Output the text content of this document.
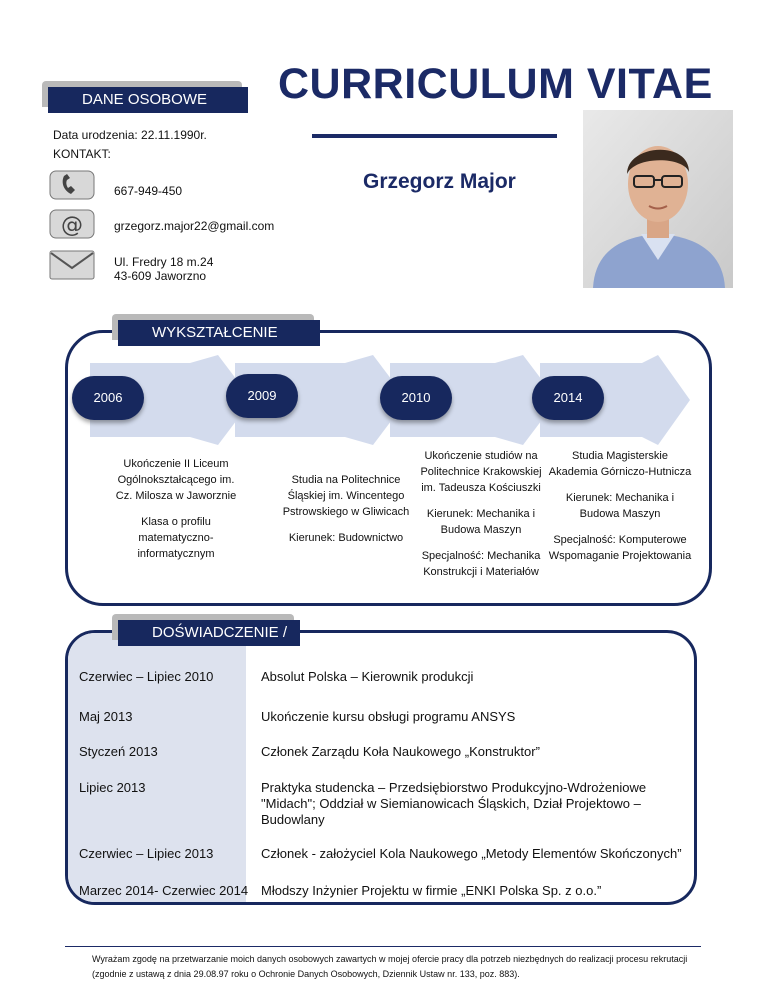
DANE OSOBOWE	CURRICULUM VITAE
Grzegorz Major
Data urodzenia: 22.11.1990r.
KONTAKT:
667-949-450
@	grzegorz.major22@gmail.com
Ul. Fredry 18 m.24
43-609 Jaworzno
WYKSZTAŁCENIE
2006	2009	2010	2014
Ukończenie II Liceum Ogólnokształcącego im. Cz. Milosza w Jaworznie
Klasa o profilu matematyczno-informatycznym
Studia na Politechnice Śląskiej im. Wincentego Pstrowskiego w Gliwicach
Kierunek: Budownictwo
Ukończenie studiów na Politechnice Krakowskiej im. Tadeusza Kościuszki
Kierunek: Mechanika i Budowa Maszyn
Specjalność: Mechanika Konstrukcji i Materiałów
Studia Magisterskie Akademia Górniczo-Hutnicza
Kierunek: Mechanika i Budowa Maszyn
Specjalność: Komputerowe Wspomaganie Projektowania
Czerwiec – Lipiec 2010	Absolut Polska – Kierownik produkcji
Maj 2013	Ukończenie kursu obsługi programu ANSYS
Styczeń 2013	Członek Zarządu Koła Naukowego „Konstruktor”
Lipiec 2013	Praktyka studencka – Przedsiębiorstwo Produkcyjno-Wdrożeniowe "Midach"; Oddział w Siemianowicach Śląskich, Dział Projektowo – Budowlany
Czerwiec – Lipiec 2013	Członek - założyciel Kola Naukowego „Metody Elementów Skończonych”
Marzec 2014- Czerwiec 2014 Młodszy Inżynier Projektu w firmie „ENKI Polska Sp. z o.o.”
DOŚWIADCZENIE /
Wyrażam zgodę na przetwarzanie moich danych osobowych zawartych w mojej ofercie pracy dla potrzeb niezbędnych do realizacji procesu rekrutacji (zgodnie z ustawą z dnia 29.08.97 roku o Ochronie Danych Osobowych, Dziennik Ustaw nr. 133, poz. 883).
